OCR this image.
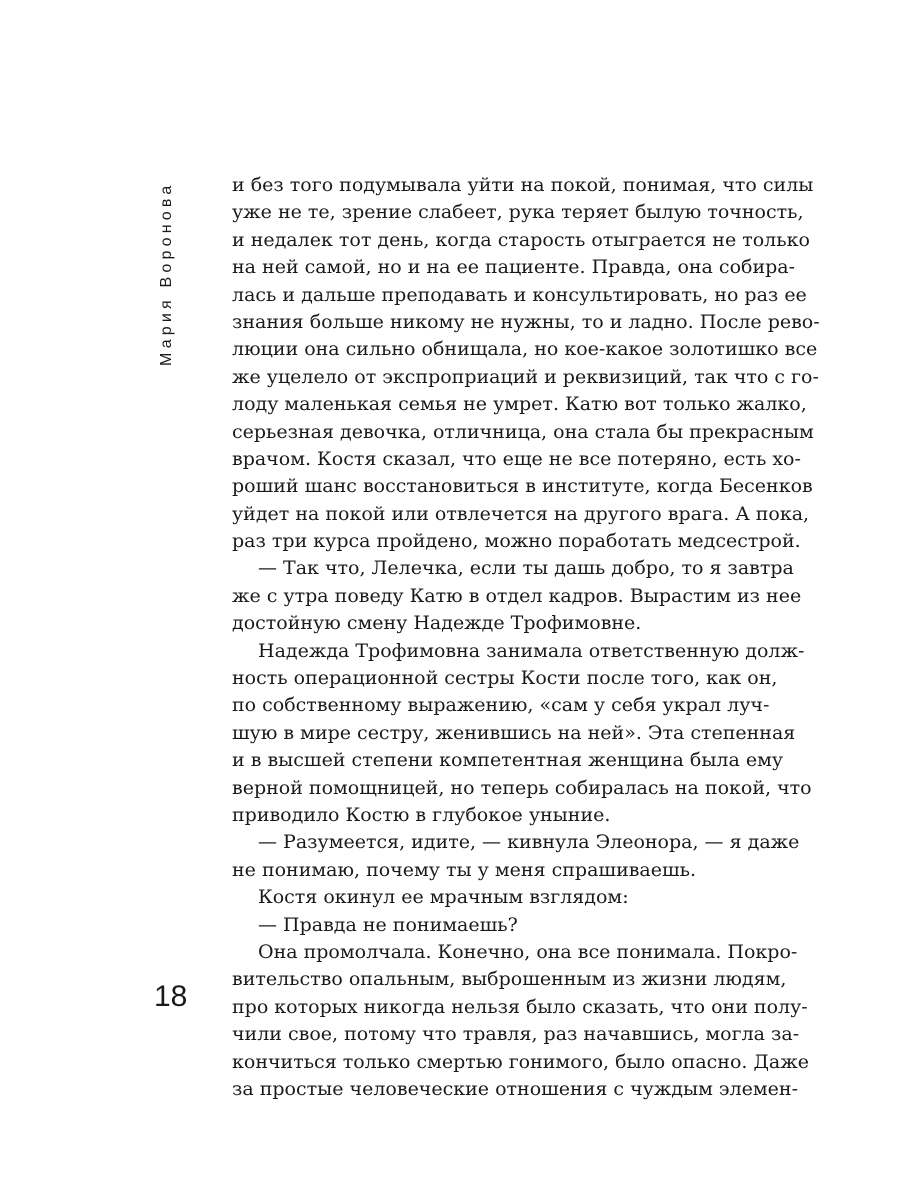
Мария Воронова
18
и без того подумывала уйти на покой, понимая, что силы
уже не те, зрение слабеет, рука теряет былую точность,
и недалек тот день, когда старость отыграется не только
на ней самой, но и на ее пациенте. Правда, она собира-
лась и дальше преподавать и консультировать, но раз ее
знания больше никому не нужны, то и ладно. После рево-
люции она сильно обнищала, но кое-какое золотишко все
же уцелело от экспроприаций и реквизиций, так что с го-
лоду маленькая семья не умрет. Катю вот только жалко,
серьезная девочка, отличница, она стала бы прекрасным
врачом. Костя сказал, что еще не все потеряно, есть хо-
роший шанс восстановиться в институте, когда Бесенков
уйдет на покой или отвлечется на другого врага. А пока,
раз три курса пройдено, можно поработать медсестрой.
— Так что, Лелечка, если ты дашь добро, то я завтра
же с утра поведу Катю в отдел кадров. Вырастим из нее
достойную смену Надежде Трофимовне.
Надежда Трофимовна занимала ответственную долж-
ность операционной сестры Кости после того, как он,
по собственному выражению, «сам у себя украл луч-
шую в мире сестру, женившись на ней». Эта степенная
и в высшей степени компетентная женщина была ему
верной помощницей, но теперь собиралась на покой, что
приводило Костю в глубокое уныние.
— Разумеется, идите, — кивнула Элеонора, — я даже
не понимаю, почему ты у меня спрашиваешь.
Костя окинул ее мрачным взглядом:
— Правда не понимаешь?
Она промолчала. Конечно, она все понимала. Покро-
вительство опальным, выброшенным из жизни людям,
про которых никогда нельзя было сказать, что они полу-
чили свое, потому что травля, раз начавшись, могла за-
кончиться только смертью гонимого, было опасно. Даже
за простые человеческие отношения с чуждым элемен-
